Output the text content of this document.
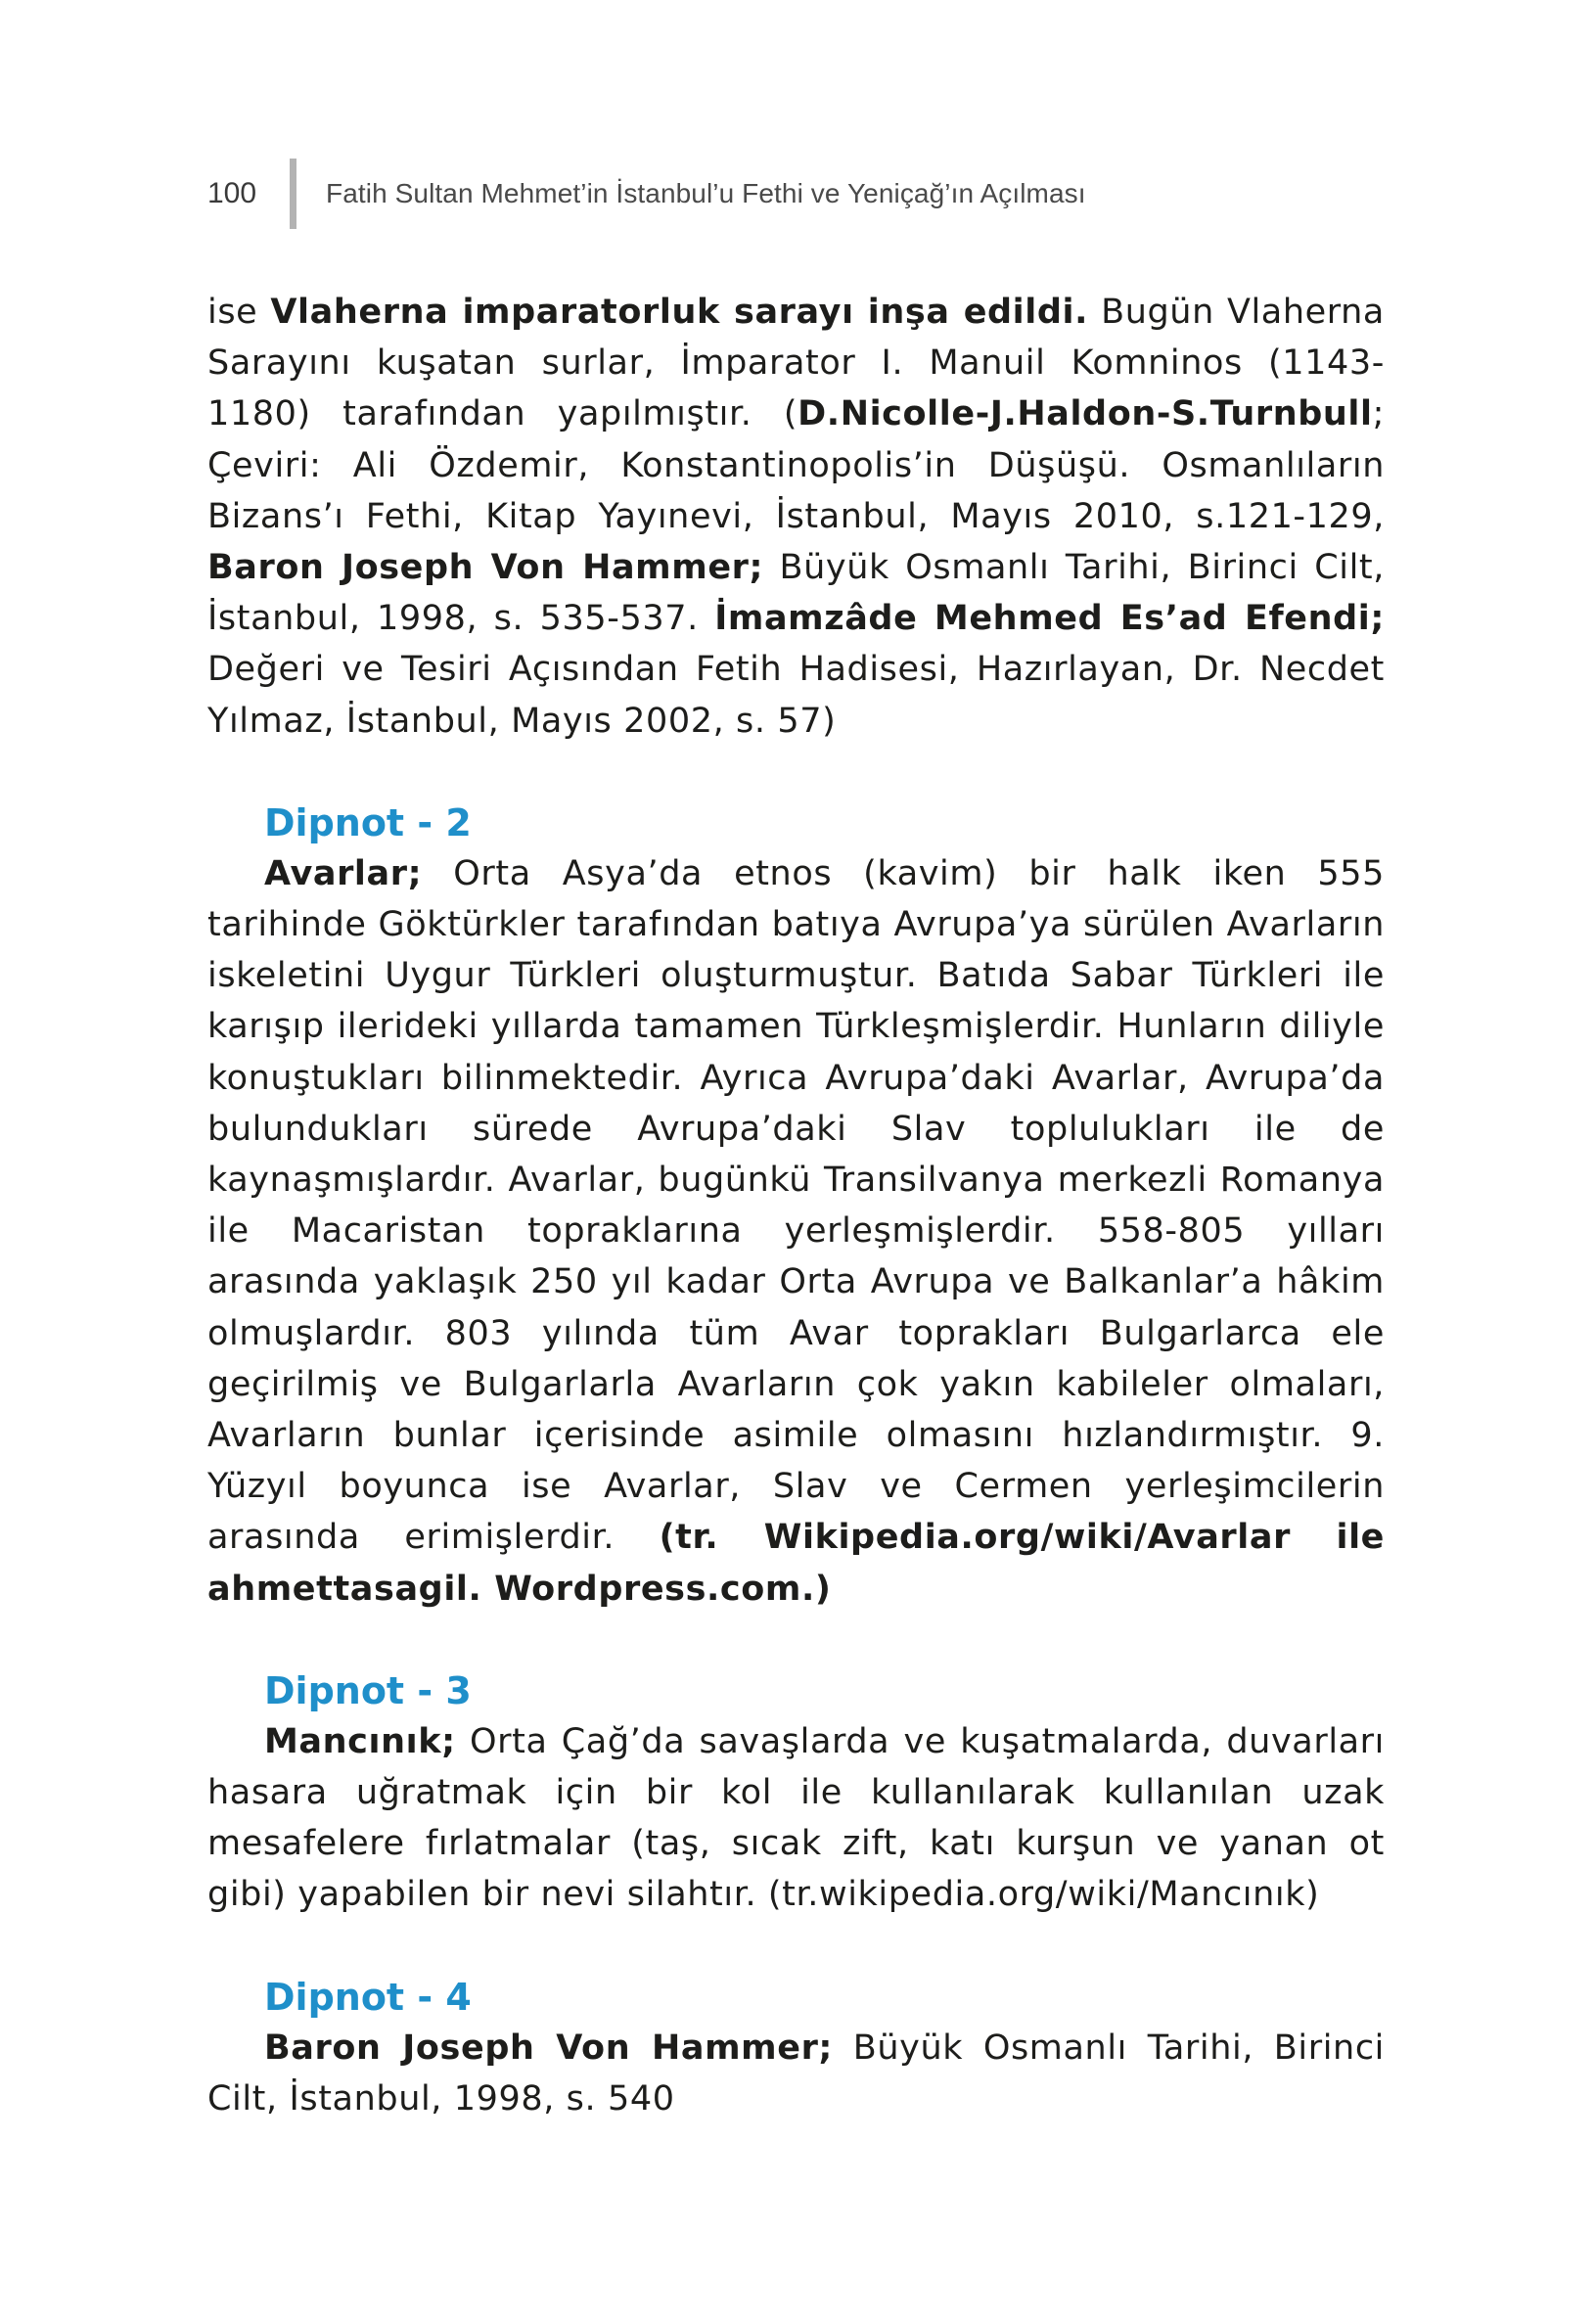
100	Fatih Sultan Mehmet’in İstanbul’u Fethi ve Yeniçağ’ın Açılması

ise Vlaherna imparatorluk sarayı inşa edildi. Bugün Vlaherna Sarayını kuşatan surlar, İmparator I. Manuil Komninos (1143-1180) tarafından yapılmıştır. (D.Nicolle-J.Haldon-S.Turnbull; Çeviri: Ali Özdemir, Konstantinopolis’in Düşüşü. Osmanlıların Bizans’ı Fethi, Kitap Yayınevi, İstanbul, Mayıs 2010, s.121-129, Baron Joseph Von Hammer; Büyük Osmanlı Tarihi, Birinci Cilt, İstanbul, 1998, s. 535-537. İmamzâde Mehmed Es’ad Efendi; Değeri ve Tesiri Açısından Fetih Hadisesi, Hazırlayan, Dr. Necdet Yılmaz, İstanbul, Mayıs 2002, s. 57)

Dipnot - 2

Avarlar; Orta Asya’da etnos (kavim) bir halk iken 555 tarihinde Göktürkler tarafından batıya Avrupa’ya sürülen Avarların iskeletini Uygur Türkleri oluşturmuştur. Batıda Sabar Türkleri ile karışıp ilerideki yıllarda tamamen Türkleşmişlerdir. Hunların diliyle konuştukları bilinmektedir. Ayrıca Avrupa’daki Avarlar, Avrupa’da bulundukları sürede Avrupa’daki Slav toplulukları ile de kaynaşmışlardır. Avarlar, bugünkü Transilvanya merkezli Romanya ile Macaristan topraklarına yerleşmişlerdir. 558-805 yılları arasında yaklaşık 250 yıl kadar Orta Avrupa ve Balkanlar’a hâkim olmuşlardır. 803 yılında tüm Avar toprakları Bulgarlarca ele geçirilmiş ve Bulgarlarla Avarların çok yakın kabileler olmaları, Avarların bunlar içerisinde asimile olmasını hızlandırmıştır. 9. Yüzyıl boyunca ise Avarlar, Slav ve Cermen yerleşimcilerin arasında erimişlerdir. (tr. Wikipedia.org/wiki/Avarlar ile ahmettasagil. Wordpress.com.)

Dipnot - 3

Mancınık; Orta Çağ’da savaşlarda ve kuşatmalarda, duvarları hasara uğratmak için bir kol ile kullanılarak kullanılan uzak mesafelere fırlatmalar (taş, sıcak zift, katı kurşun ve yanan ot gibi) yapabilen bir nevi silahtır. (tr.wikipedia.org/wiki/Mancınık)

Dipnot - 4

Baron Joseph Von Hammer; Büyük Osmanlı Tarihi, Birinci Cilt, İstanbul, 1998, s. 540
